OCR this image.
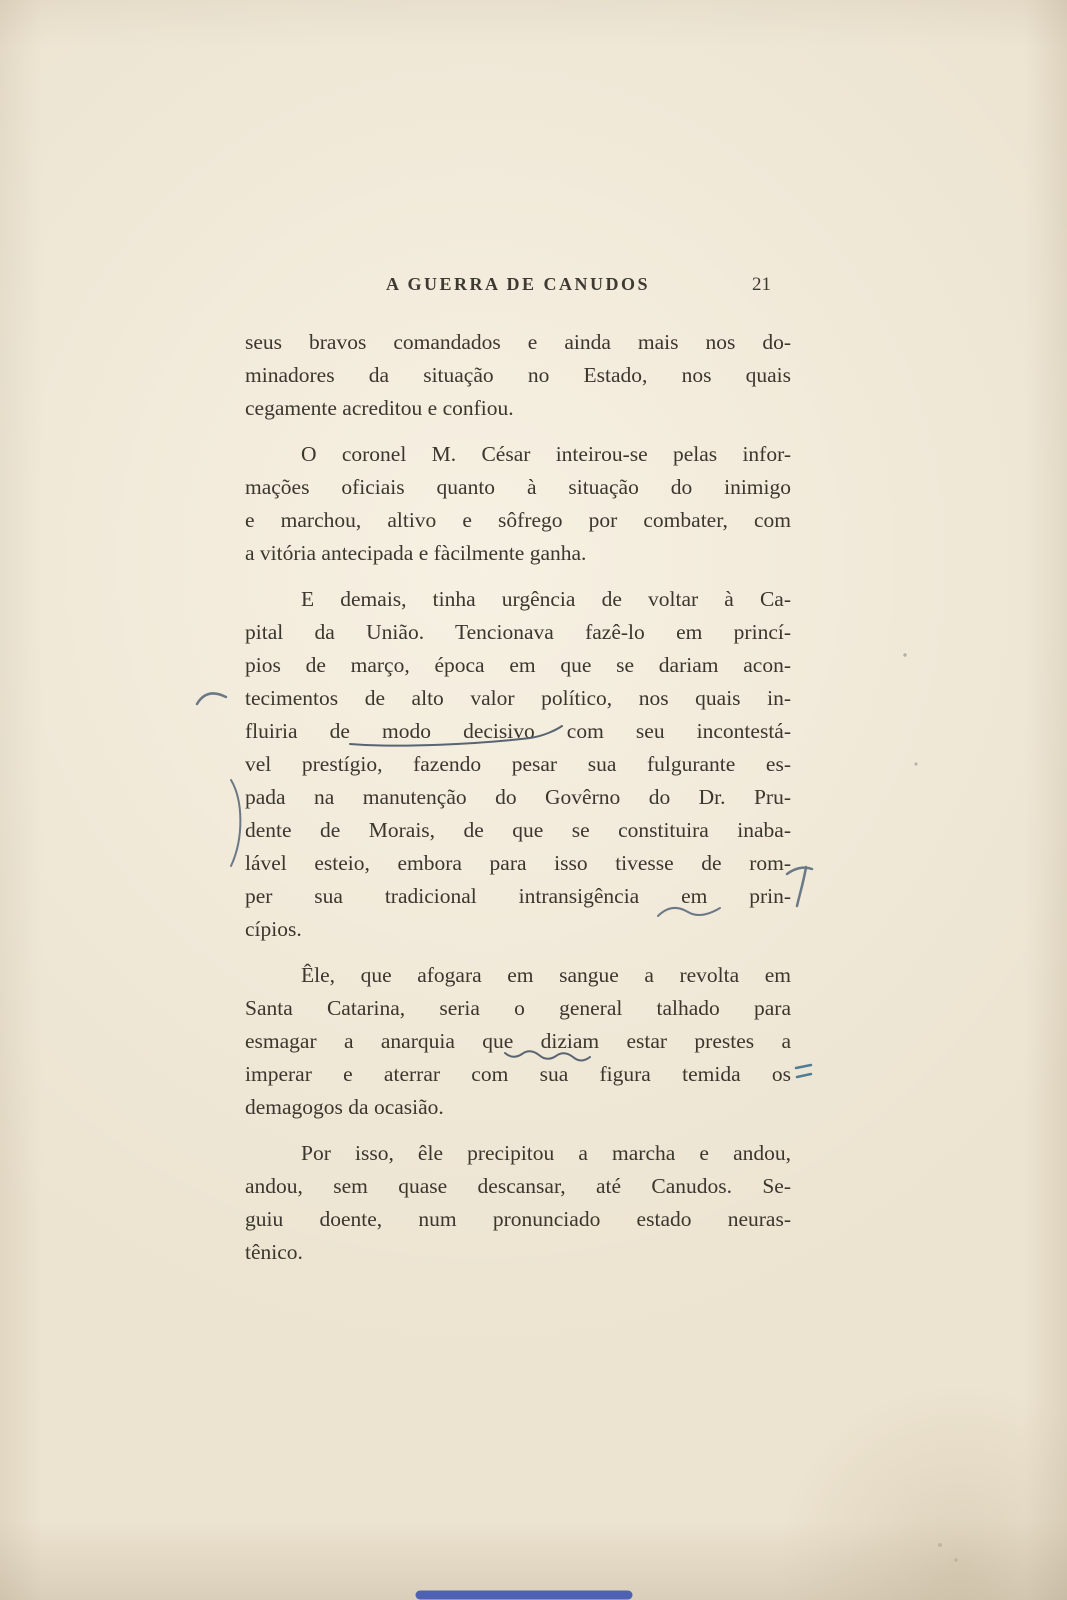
A GUERRA DE CANUDOS	21

seus bravos comandados e ainda mais nos do-
minadores da situação no Estado, nos quais
cegamente acreditou e confiou.

O coronel M. César inteirou-se pelas infor-
mações oficiais quanto à situação do inimigo
e marchou, altivo e sôfrego por combater, com
a vitória antecipada e fàcilmente ganha.

E demais, tinha urgência de voltar à Ca-
pital da União. Tencionava fazê-lo em princí-
pios de março, época em que se dariam acon-
tecimentos de alto valor político, nos quais in-
fluiria de modo decisivo com seu incontestá-
vel prestígio, fazendo pesar sua fulgurante es-
pada na manutenção do Govêrno do Dr. Pru-
dente de Morais, de que se constituira inaba-
lável esteio, embora para isso tivesse de rom-
per sua tradicional intransigência em prin-
cípios.

Êle, que afogara em sangue a revolta em
Santa Catarina, seria o general talhado para
esmagar a anarquia que diziam estar prestes a
imperar e aterrar com sua figura temida os
demagogos da ocasião.

Por isso, êle precipitou a marcha e andou,
andou, sem quase descansar, até Canudos. Se-
guiu doente, num pronunciado estado neuras-
tênico.
